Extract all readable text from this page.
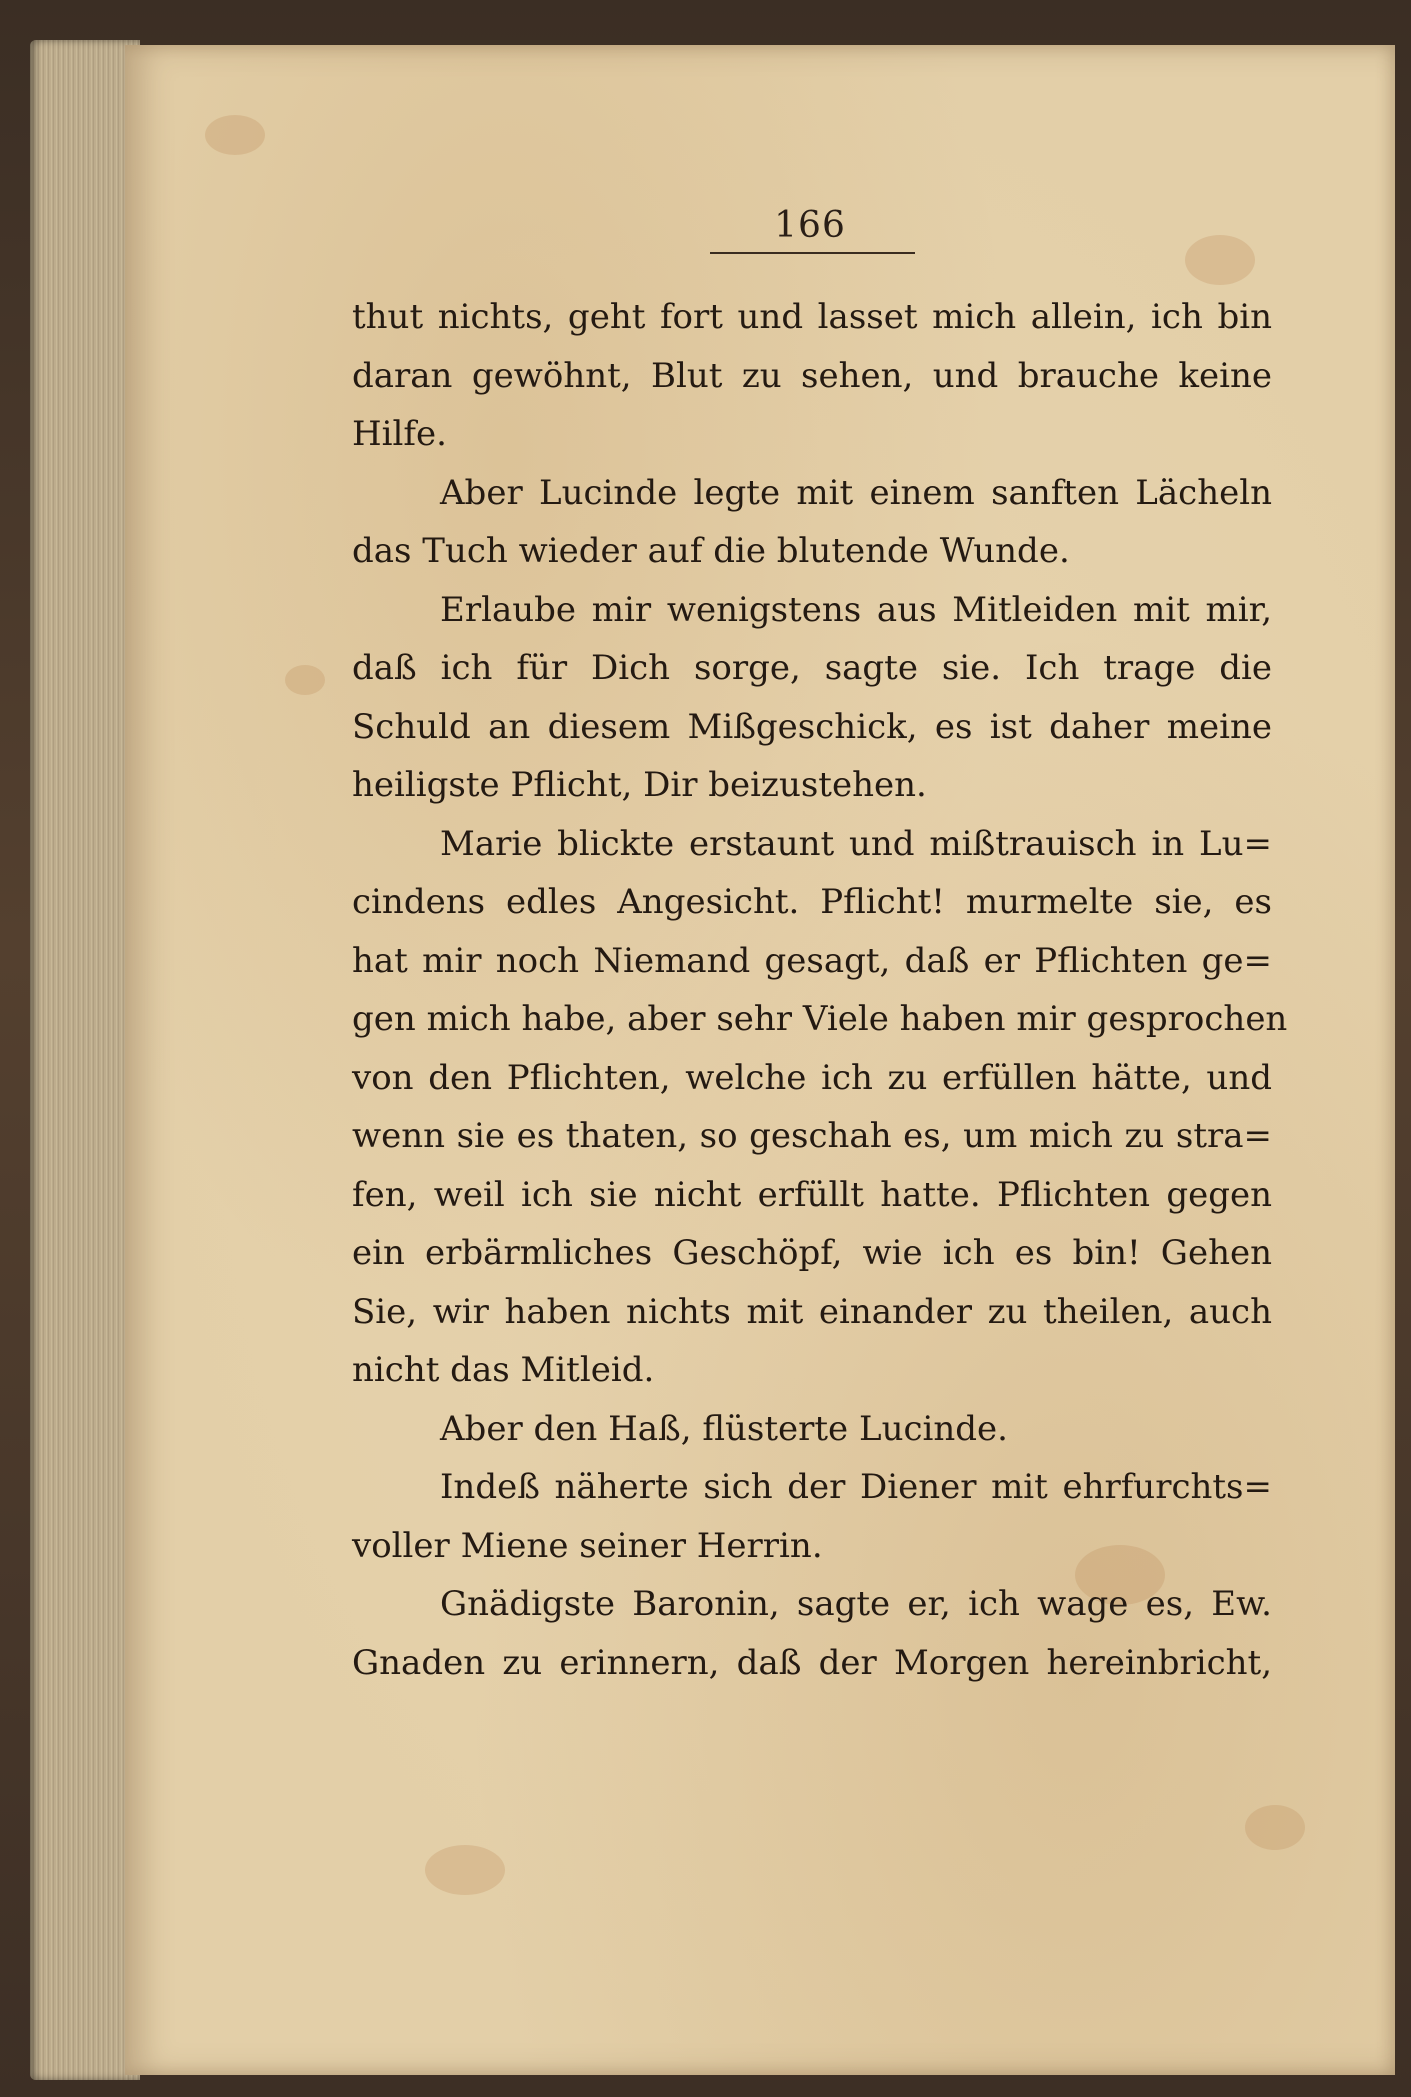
166
thut nichts, geht fort und lasset mich allein, ich bin
daran gewöhnt, Blut zu sehen, und brauche keine
Hilfe.
Aber Lucinde legte mit einem sanften Lächeln
das Tuch wieder auf die blutende Wunde.
Erlaube mir wenigstens aus Mitleiden mit mir,
daß ich für Dich sorge, sagte sie. Ich trage die
Schuld an diesem Mißgeschick, es ist daher meine
heiligste Pflicht, Dir beizustehen.
Marie blickte erstaunt und mißtrauisch in Lu=
cindens edles Angesicht. Pflicht! murmelte sie, es
hat mir noch Niemand gesagt, daß er Pflichten ge=
gen mich habe, aber sehr Viele haben mir gesprochen
von den Pflichten, welche ich zu erfüllen hätte, und
wenn sie es thaten, so geschah es, um mich zu stra=
fen, weil ich sie nicht erfüllt hatte. Pflichten gegen
ein erbärmliches Geschöpf, wie ich es bin! Gehen
Sie, wir haben nichts mit einander zu theilen, auch
nicht das Mitleid.
Aber den Haß, flüsterte Lucinde.
Indeß näherte sich der Diener mit ehrfurchts=
voller Miene seiner Herrin.
Gnädigste Baronin, sagte er, ich wage es, Ew.
Gnaden zu erinnern, daß der Morgen hereinbricht,
